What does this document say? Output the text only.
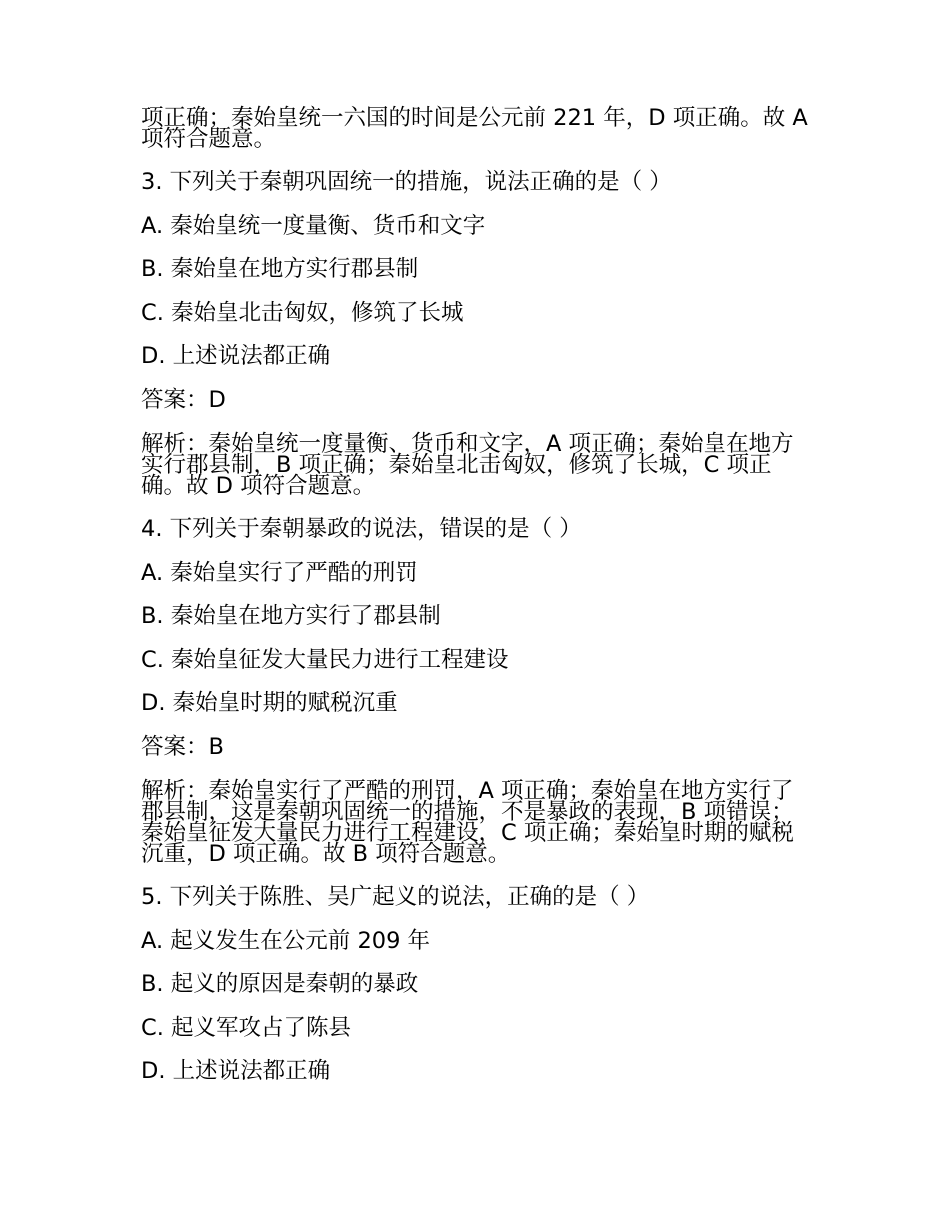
项正确；秦始皇统一六国的时间是公元前 221 年，D 项正确。故 A 项符合题意。

3. 下列关于秦朝巩固统一的措施，说法正确的是（ ）

A. 秦始皇统一度量衡、货币和文字

B. 秦始皇在地方实行郡县制

C. 秦始皇北击匈奴，修筑了长城

D. 上述说法都正确

答案：D

解析：秦始皇统一度量衡、货币和文字，A 项正确；秦始皇在地方实行郡县制，B 项正确；秦始皇北击匈奴，修筑了长城，C 项正确。故 D 项符合题意。

4. 下列关于秦朝暴政的说法，错误的是（ ）

A. 秦始皇实行了严酷的刑罚

B. 秦始皇在地方实行了郡县制

C. 秦始皇征发大量民力进行工程建设

D. 秦始皇时期的赋税沉重

答案：B

解析：秦始皇实行了严酷的刑罚，A 项正确；秦始皇在地方实行了郡县制，这是秦朝巩固统一的措施，不是暴政的表现，B 项错误；秦始皇征发大量民力进行工程建设，C 项正确；秦始皇时期的赋税沉重，D 项正确。故 B 项符合题意。

5. 下列关于陈胜、吴广起义的说法，正确的是（ ）

A. 起义发生在公元前 209 年

B. 起义的原因是秦朝的暴政

C. 起义军攻占了陈县

D. 上述说法都正确
